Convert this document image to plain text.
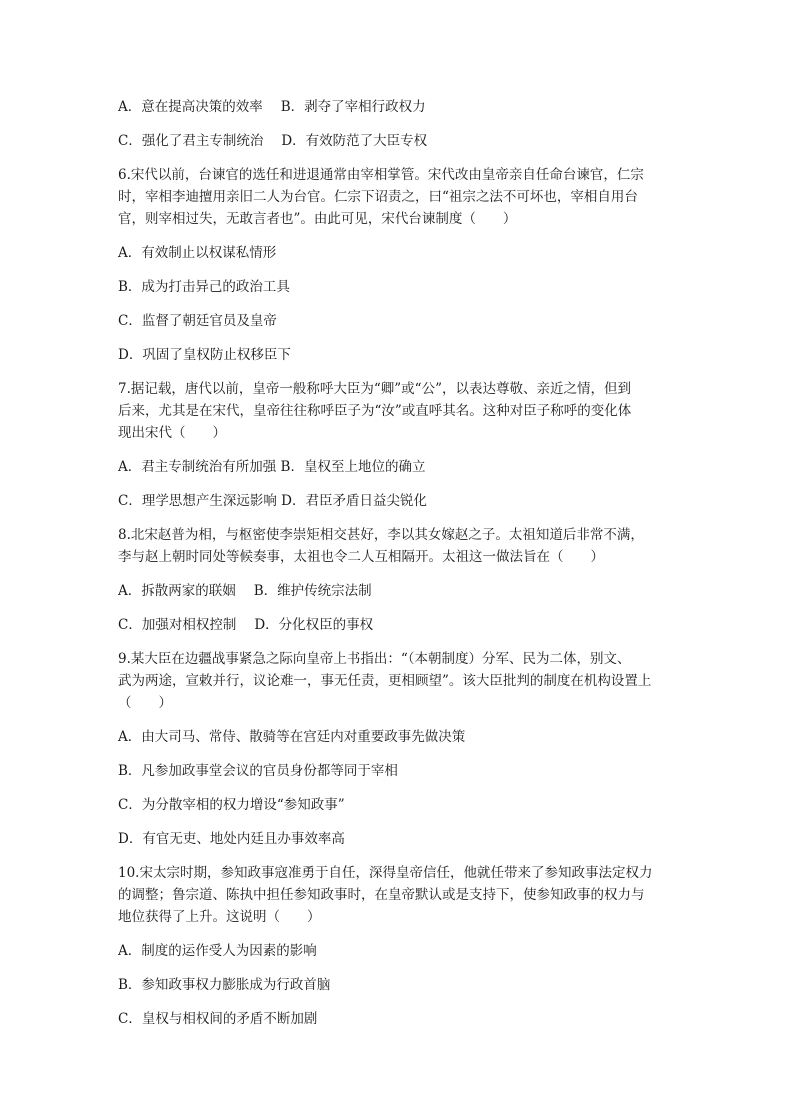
A．意在提高决策的效率 B．剥夺了宰相行政权力
C．强化了君主专制统治 D．有效防范了大臣专权
6.宋代以前，台谏官的选任和进退通常由宰相掌管。宋代改由皇帝亲自任命台谏官，仁宗
时，宰相李迪擅用亲旧二人为台官。仁宗下诏责之，曰“祖宗之法不可坏也，宰相自用台
官，则宰相过失，无敢言者也”。由此可见，宋代台谏制度（　　）
A．有效制止以权谋私情形
B．成为打击异己的政治工具
C．监督了朝廷官员及皇帝
D．巩固了皇权防止权移臣下
7.据记载，唐代以前，皇帝一般称呼大臣为“卿”或“公”，以表达尊敬、亲近之情，但到
后来，尤其是在宋代，皇帝往往称呼臣子为“汝”或直呼其名。这种对臣子称呼的变化体
现出宋代（　　）
A．君主专制统治有所加强 B．皇权至上地位的确立
C．理学思想产生深远影响 D．君臣矛盾日益尖锐化
8.北宋赵普为相，与枢密使李崇矩相交甚好，李以其女嫁赵之子。太祖知道后非常不满，
李与赵上朝时同处等候奏事，太祖也令二人互相隔开。太祖这一做法旨在（　　）
A．拆散两家的联姻 B．维护传统宗法制
C．加强对相权控制 D．分化权臣的事权
9.某大臣在边疆战事紧急之际向皇帝上书指出：“（本朝制度）分军、民为二体，别文、
武为两途，宣敕并行，议论难一，事无任责，更相顾望”。该大臣批判的制度在机构设置上
（　　）
A．由大司马、常侍、散骑等在宫廷内对重要政事先做决策
B．凡参加政事堂会议的官员身份都等同于宰相
C．为分散宰相的权力增设“参知政事”
D．有官无吏、地处内廷且办事效率高
10.宋太宗时期，参知政事寇准勇于自任，深得皇帝信任，他就任带来了参知政事法定权力
的调整；鲁宗道、陈执中担任参知政事时，在皇帝默认或是支持下，使参知政事的权力与
地位获得了上升。这说明（　　）
A．制度的运作受人为因素的影响
B．参知政事权力膨胀成为行政首脑
C．皇权与相权间的矛盾不断加剧
